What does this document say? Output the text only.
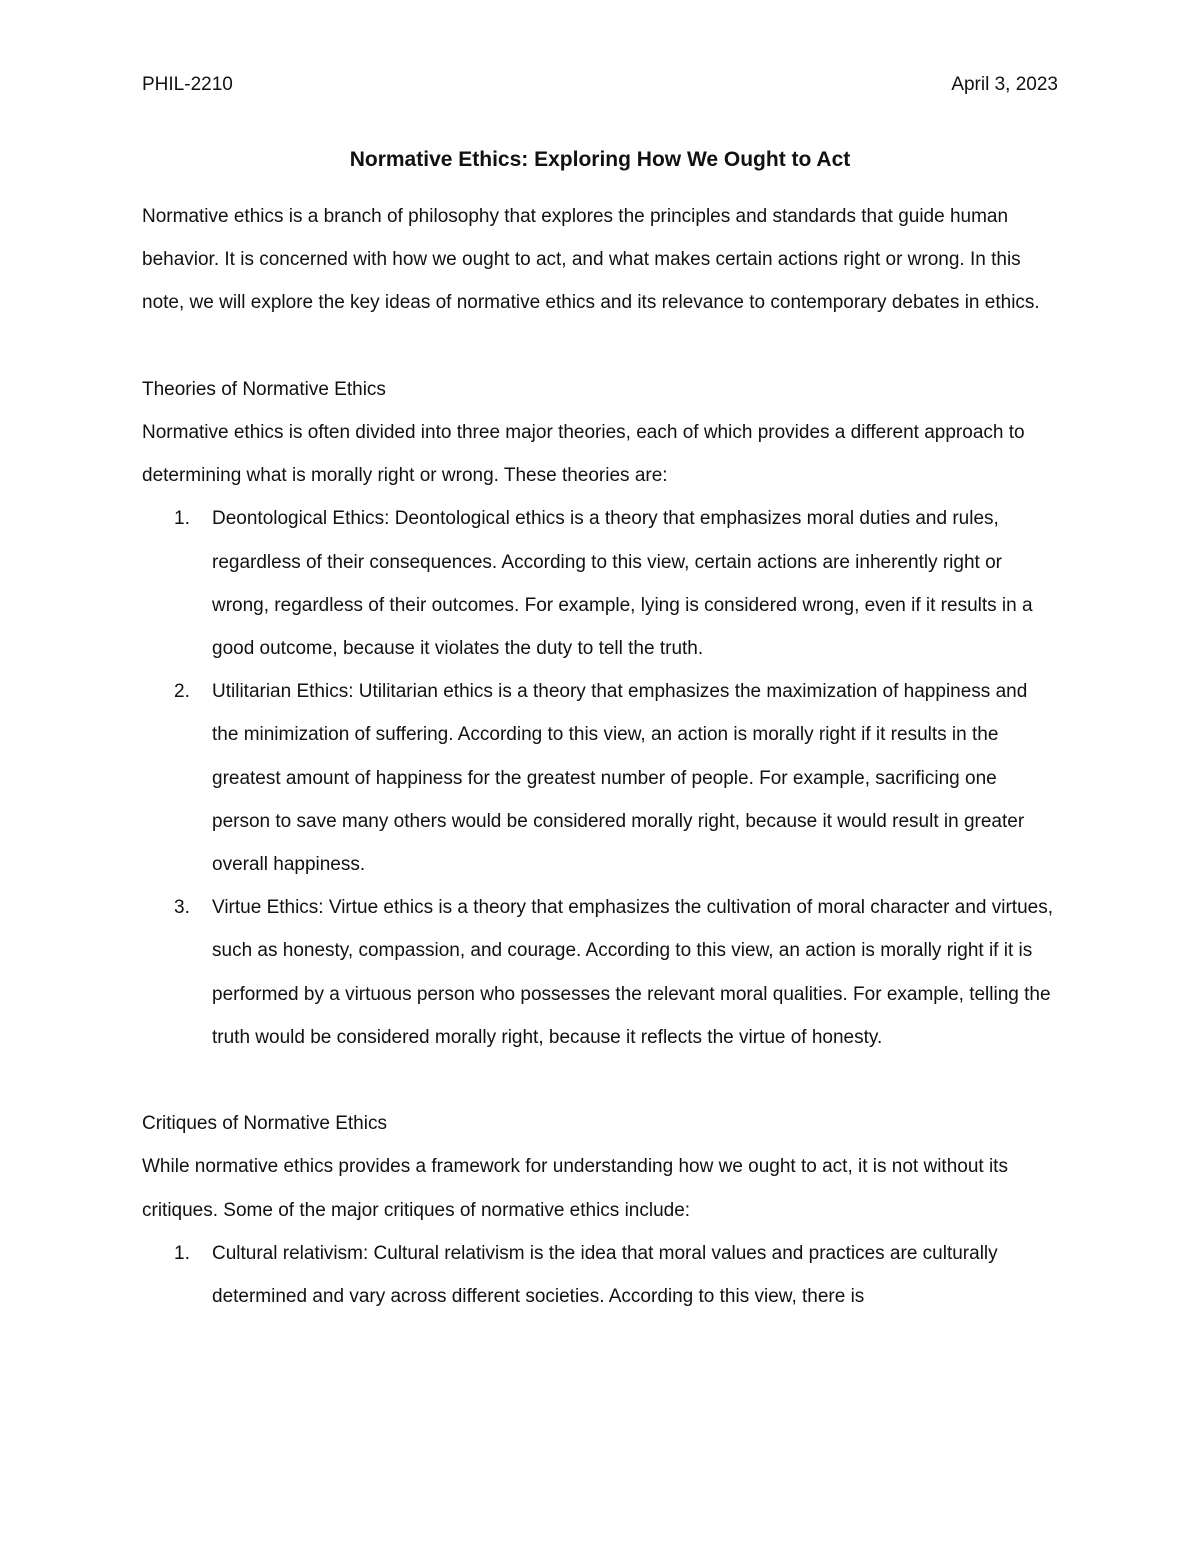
PHIL-2210	April 3, 2023
Normative Ethics: Exploring How We Ought to Act

Normative ethics is a branch of philosophy that explores the principles and standards that guide human behavior. It is concerned with how we ought to act, and what makes certain actions right or wrong. In this note, we will explore the key ideas of normative ethics and its relevance to contemporary debates in ethics.

Theories of Normative Ethics

Normative ethics is often divided into three major theories, each of which provides a different approach to determining what is morally right or wrong. These theories are:

1. Deontological Ethics: Deontological ethics is a theory that emphasizes moral duties and rules, regardless of their consequences. According to this view, certain actions are inherently right or wrong, regardless of their outcomes. For example, lying is considered wrong, even if it results in a good outcome, because it violates the duty to tell the truth.
2. Utilitarian Ethics: Utilitarian ethics is a theory that emphasizes the maximization of happiness and the minimization of suffering. According to this view, an action is morally right if it results in the greatest amount of happiness for the greatest number of people. For example, sacrificing one person to save many others would be considered morally right, because it would result in greater overall happiness.
3. Virtue Ethics: Virtue ethics is a theory that emphasizes the cultivation of moral character and virtues, such as honesty, compassion, and courage. According to this view, an action is morally right if it is performed by a virtuous person who possesses the relevant moral qualities. For example, telling the truth would be considered morally right, because it reflects the virtue of honesty.

Critiques of Normative Ethics

While normative ethics provides a framework for understanding how we ought to act, it is not without its critiques. Some of the major critiques of normative ethics include:

1. Cultural relativism: Cultural relativism is the idea that moral values and practices are culturally determined and vary across different societies. According to this view, there is
